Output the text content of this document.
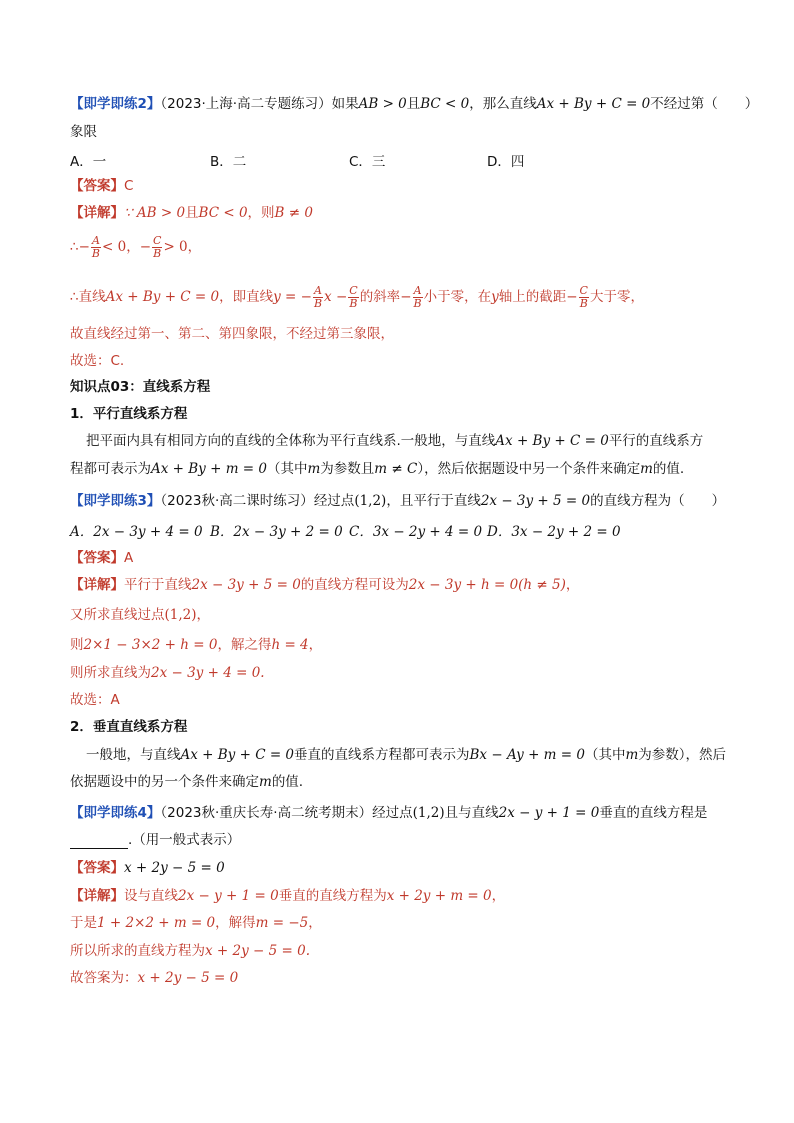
【即学即练2】（2023·上海·高二专题练习）如果AB > 0且BC < 0，那么直线Ax + By + C = 0不经过第（　　）
象限
A．一	B．二	C．三	D．四
【答案】C
【详解】∵ AB > 0且BC < 0，则B ≠ 0
∴− $\frac{A}{B} < 0$，− $\frac{C}{B} > 0$，
∴直线Ax + By + C = 0，即直线y = − $\frac{A}{B}$ $x - \frac{C}{B}$ 的斜率− $\frac{A}{B}$ 小于零，在y轴上的截距− $\frac{C}{B}$ 大于零，
故直线经过第一、第二、第四象限，不经过第三象限，
故选：C.
知识点03：直线系方程
1．平行直线系方程
把平面内具有相同方向的直线的全体称为平行直线系.一般地，与直线Ax + By + C = 0平行的直线系方
程都可表示为Ax + By + m = 0（其中m为参数且m ≠ C），然后依据题设中另一个条件来确定m的值.
【即学即练3】（2023秋·高二课时练习）经过点(1,2)，且平行于直线2x − 3y + 5 = 0的直线方程为（　　）
A．2x − 3y + 4 = 0 B．2x − 3y + 2 = 0 C．3x − 2y + 4 = 0 D．3x − 2y + 2 = 0
【答案】A
【详解】平行于直线2x − 3y + 5 = 0的直线方程可设为2x − 3y + h = 0(h ≠ 5)，
又所求直线过点(1,2)，
则2×1 − 3×2 + h = 0，解之得h = 4，
则所求直线为2x − 3y + 4 = 0.
故选：A
2．垂直直线系方程
一般地，与直线Ax + By + C = 0垂直的直线系方程都可表示为Bx − Ay + m = 0（其中m为参数），然后
依据题设中的另一个条件来确定m的值.
【即学即练4】（2023秋·重庆长寿·高二统考期末）经过点(1,2)且与直线2x − y + 1 = 0垂直的直线方程是
.（用一般式表示）
【答案】x + 2y − 5 = 0
【详解】设与直线2x − y + 1 = 0垂直的直线方程为x + 2y + m = 0，
于是1 + 2×2 + m = 0，解得m = −5，
所以所求的直线方程为x + 2y − 5 = 0.
故答案为：x + 2y − 5 = 0
